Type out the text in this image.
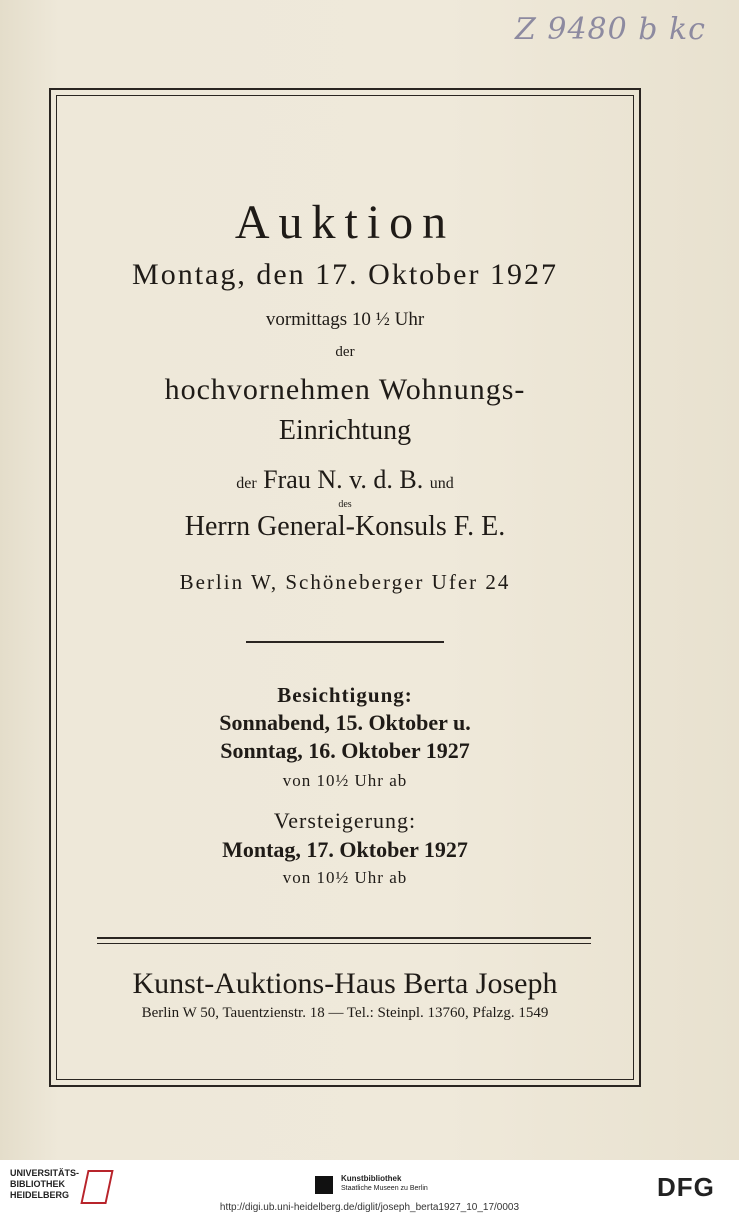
Z 9480 b kc
Auktion
Montag, den 17. Oktober 1927
vormittags 10 ½ Uhr
der
hochvornehmen Wohnungs-
Einrichtung
der Frau N. v. d. B. und
des
Herrn General-Konsuls F. E.
Berlin W, Schöneberger Ufer 24
Besichtigung:
Sonnabend, 15. Oktober u.
Sonntag, 16. Oktober 1927
von 10½ Uhr ab
Versteigerung:
Montag, 17. Oktober 1927
von 10½ Uhr ab
Kunst-Auktions-Haus Berta Joseph
Berlin W 50, Tauentzienstr. 18 — Tel.: Steinpl. 13760, Pfalzg. 1549
UNIVERSITÄTS-
BIBLIOTHEK
HEIDELBERG
Kunstbibliothek
Staatliche Museen zu Berlin	DFG
http://digi.ub.uni-heidelberg.de/diglit/joseph_berta1927_10_17/0003
